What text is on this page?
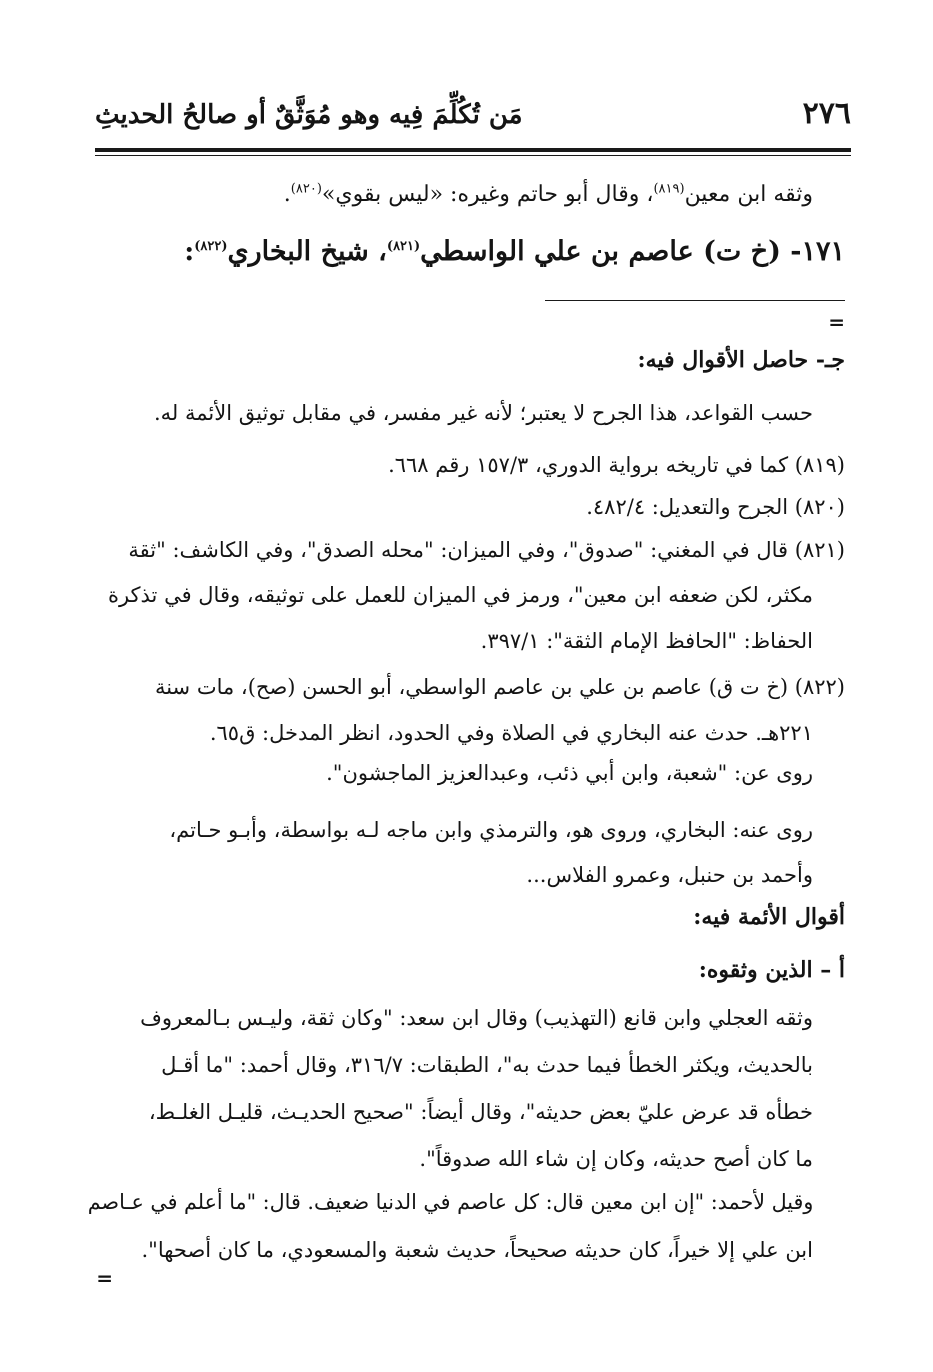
٢٧٦
مَن تُكُلِّمَ فِيه وهو مُوَثَّقٌ أو صالحُ الحديثِ
وثقه ابن معين$^{(٨١٩)}$، وقال أبو حاتم وغيره: «ليس بقوي»$^{(٨٢٠)}$.
١٧١- (خ ت) عاصم بن علي الواسطي$^{(٨٢١)}$، شيخ البخاري$^{(٨٢٢)}$:
=
جـ- حاصل الأقوال فيه:
حسب القواعد، هذا الجرح لا يعتبر؛ لأنه غير مفسر، في مقابل توثيق الأئمة له.
(٨١٩) كما في تاريخه برواية الدوري، ١٥٧/٣ رقم ٦٦٨.
(٨٢٠) الجرح والتعديل: ٤٨٢/٤.
(٨٢١) قال في المغني: "صدوق"، وفي الميزان: "محله الصدق"، وفي الكاشف: "ثقة
مكثر، لكن ضعفه ابن معين"، ورمز في الميزان للعمل على توثيقه، وقال في تذكرة
الحفاظ: "الحافظ الإمام الثقة": ٣٩٧/١.
(٨٢٢) (خ ت ق) عاصم بن علي بن عاصم الواسطي، أبو الحسن (صح)، مات سنة
٢٢١هـ. حدث عنه البخاري في الصلاة وفي الحدود، انظر المدخل: ق٦٥.
روى عن: "شعبة، وابن أبي ذئب، وعبدالعزيز الماجشون".
روى عنه: البخاري، وروى هو، والترمذي وابن ماجه لـه بواسطة، وأبـو حـاتم،
وأحمد بن حنبل، وعمرو الفلاس...
أقوال الأئمة فيه:
أ – الذين وثقوه:
وثقه العجلي وابن قانع (التهذيب) وقال ابن سعد: "وكان ثقة، وليـس بـالمعروف
بالحديث، ويكثر الخطأ فيما حدث به"، الطبقات: ٣١٦/٧، وقال أحمد: "ما أقـل
خطأه قد عرض عليّ بعض حديثه"، وقال أيضاً: "صحيح الحديـث، قليـل الغلـط،
ما كان أصح حديثه، وكان إن شاء الله صدوقاً".
وقيل لأحمد: "إن ابن معين قال: كل عاصم في الدنيا ضعيف. قال: "ما أعلم في عـاصم
ابن علي إلا خيراً، كان حديثه صحيحاً، حديث شعبة والمسعودي، ما كان أصحها".
=
